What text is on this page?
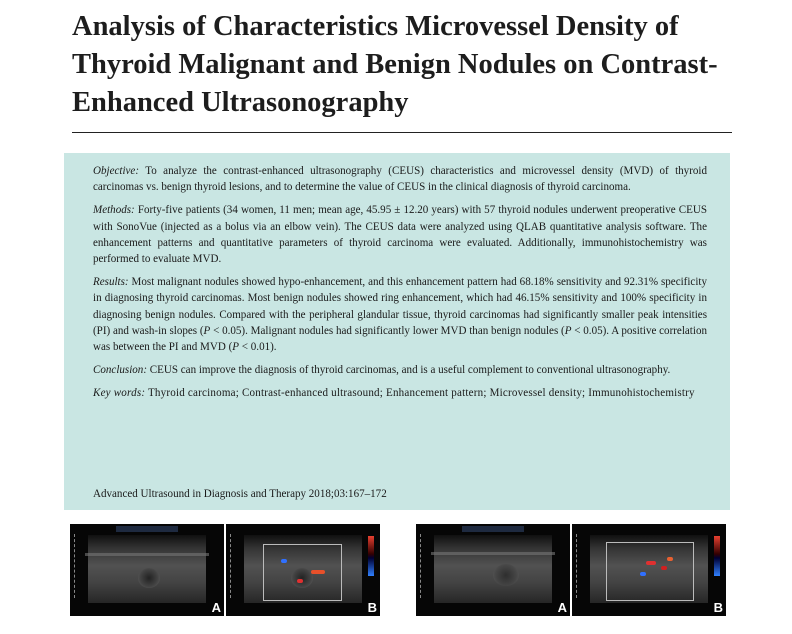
Analysis of Characteristics Microvessel Density of Thyroid Malignant and Benign Nodules on Contrast-Enhanced Ultrasonography

Objective: To analyze the contrast-enhanced ultrasonography (CEUS) characteristics and microvessel density (MVD) of thyroid carcinomas vs. benign thyroid lesions, and to determine the value of CEUS in the clinical diagnosis of thyroid carcinoma.

Methods: Forty-five patients (34 women, 11 men; mean age, 45.95 ± 12.20 years) with 57 thyroid nodules underwent preoperative CEUS with SonoVue (injected as a bolus via an elbow vein). The CEUS data were analyzed using QLAB quantitative analysis software. The enhancement patterns and quantitative parameters of thyroid carcinoma were evaluated. Additionally, immunohistochemistry was performed to evaluate MVD.

Results: Most malignant nodules showed hypo-enhancement, and this enhancement pattern had 68.18% sensitivity and 92.31% specificity in diagnosing thyroid carcinomas. Most benign nodules showed ring enhancement, which had 46.15% sensitivity and 100% specificity in diagnosing benign nodules. Compared with the peripheral glandular tissue, thyroid carcinomas had significantly smaller peak intensities (PI) and wash-in slopes (P < 0.05). Malignant nodules had significantly lower MVD than benign nodules (P < 0.05). A positive correlation was between the PI and MVD (P < 0.01).

Conclusion: CEUS can improve the diagnosis of thyroid carcinomas, and is a useful complement to conventional ultrasonography.

Key words: Thyroid carcinoma; Contrast-enhanced ultrasound; Enhancement pattern; Microvessel density; Immunohistochemistry

Advanced Ultrasound in Diagnosis and Therapy 2018;03:167–172
A	B	A	B
